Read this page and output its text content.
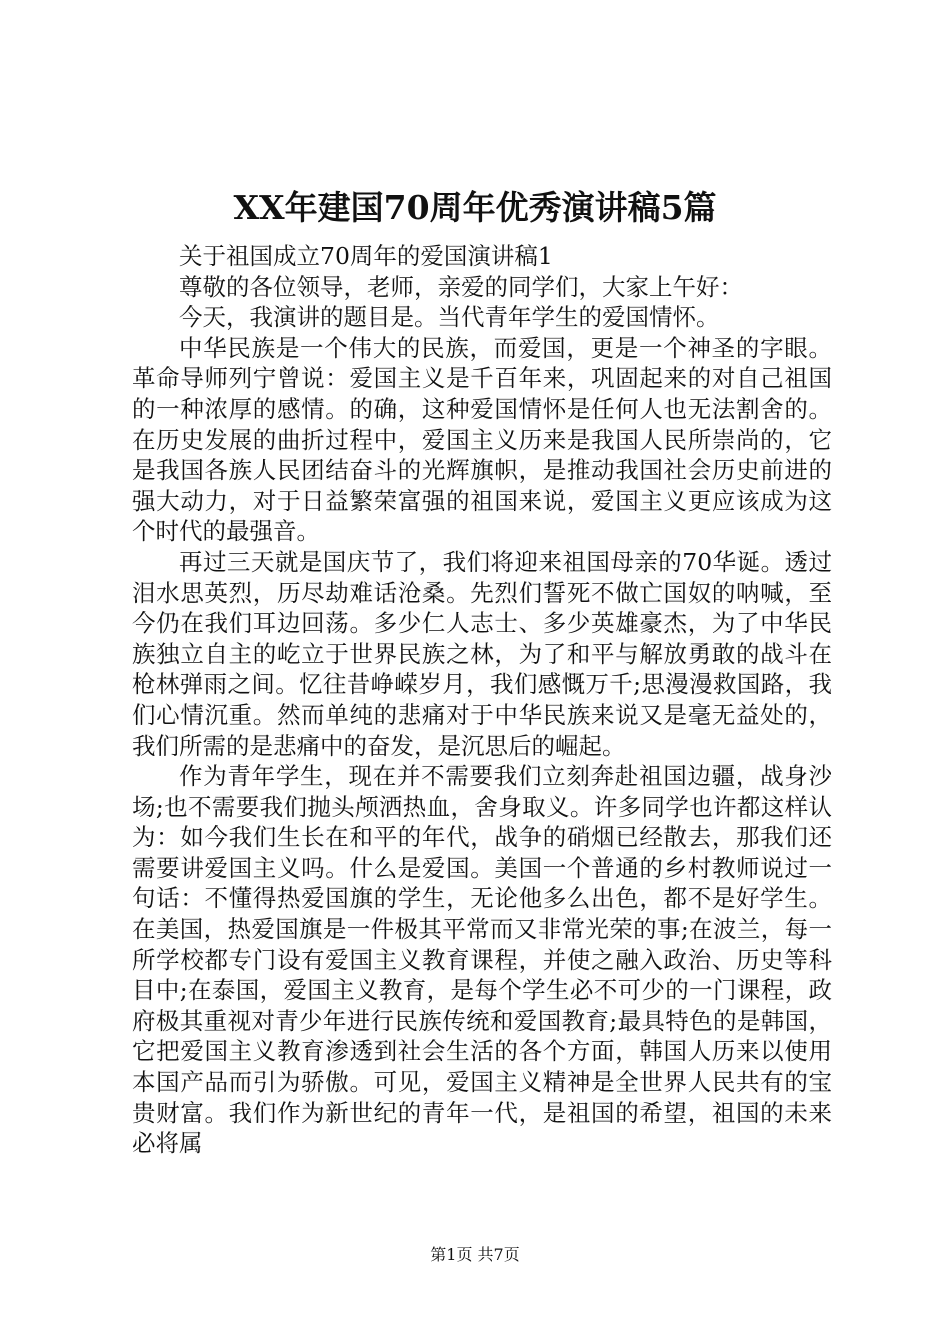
XX年建国70周年优秀演讲稿5篇

关于祖国成立70周年的爱国演讲稿1

尊敬的各位领导，老师，亲爱的同学们，大家上午好：

今天，我演讲的题目是。当代青年学生的爱国情怀。

中华民族是一个伟大的民族，而爱国，更是一个神圣的字眼。革命导师列宁曾说：爱国主义是千百年来，巩固起来的对自己祖国的一种浓厚的感情。的确，这种爱国情怀是任何人也无法割舍的。在历史发展的曲折过程中，爱国主义历来是我国人民所崇尚的，它是我国各族人民团结奋斗的光辉旗帜，是推动我国社会历史前进的强大动力，对于日益繁荣富强的祖国来说，爱国主义更应该成为这个时代的最强音。

再过三天就是国庆节了，我们将迎来祖国母亲的70华诞。透过泪水思英烈，历尽劫难话沧桑。先烈们誓死不做亡国奴的呐喊，至今仍在我们耳边回荡。多少仁人志士、多少英雄豪杰，为了中华民族独立自主的屹立于世界民族之林，为了和平与解放勇敢的战斗在枪林弹雨之间。忆往昔峥嵘岁月，我们感慨万千;思漫漫救国路，我们心情沉重。然而单纯的悲痛对于中华民族来说又是毫无益处的，我们所需的是悲痛中的奋发，是沉思后的崛起。

作为青年学生，现在并不需要我们立刻奔赴祖国边疆，战身沙场;也不需要我们抛头颅洒热血，舍身取义。许多同学也许都这样认为：如今我们生长在和平的年代，战争的硝烟已经散去，那我们还需要讲爱国主义吗。什么是爱国。美国一个普通的乡村教师说过一句话：不懂得热爱国旗的学生，无论他多么出色，都不是好学生。在美国，热爱国旗是一件极其平常而又非常光荣的事;在波兰，每一所学校都专门设有爱国主义教育课程，并使之融入政治、历史等科目中;在泰国，爱国主义教育，是每个学生必不可少的一门课程，政府极其重视对青少年进行民族传统和爱国教育;最具特色的是韩国，它把爱国主义教育渗透到社会生活的各个方面，韩国人历来以使用本国产品而引为骄傲。可见，爱国主义精神是全世界人民共有的宝贵财富。我们作为新世纪的青年一代，是祖国的希望，祖国的未来必将属

第1页 共7页
